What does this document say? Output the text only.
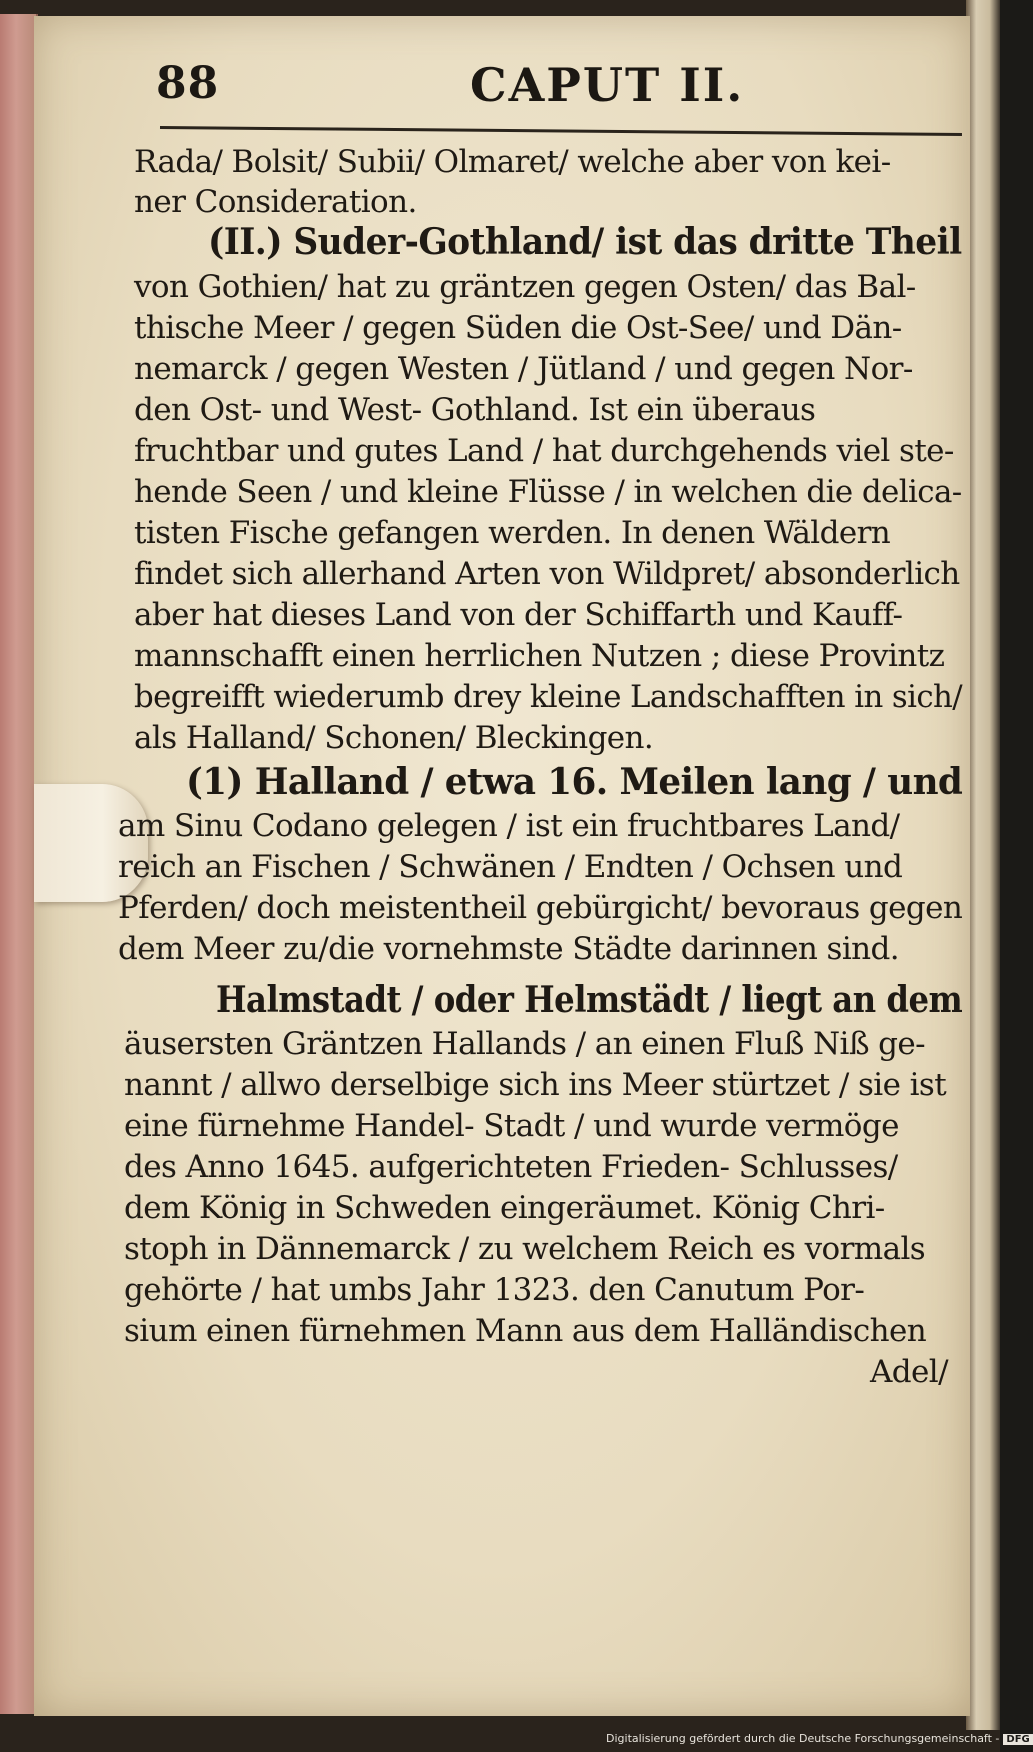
88	CAPUT II.
Rada/ Bolsit/ Subii/ Olmaret/ welche aber von kei-
ner Consideration.
(II.) Suder-Gothland/ ist das dritte Theil
von Gothien/ hat zu gräntzen gegen Osten/ das Bal-
thische Meer / gegen Süden die Ost-See/ und Dän-
nemarck / gegen Westen / Jütland / und gegen Nor-
den Ost- und West- Gothland. Ist ein überaus
fruchtbar und gutes Land / hat durchgehends viel ste-
hende Seen / und kleine Flüsse / in welchen die delica-
tisten Fische gefangen werden. In denen Wäldern
findet sich allerhand Arten von Wildpret/ absonderlich
aber hat dieses Land von der Schiffarth und Kauff-
mannschafft einen herrlichen Nutzen ; diese Provintz
begreifft wiederumb drey kleine Landschafften in sich/
als Halland/ Schonen/ Bleckingen.
(1) Halland / etwa 16. Meilen lang / und
am Sinu Codano gelegen / ist ein fruchtbares Land/
reich an Fischen / Schwänen / Endten / Ochsen und
Pferden/ doch meistentheil gebürgicht/ bevoraus gegen
dem Meer zu/die vornehmste Städte darinnen sind.
Halmstadt / oder Helmstädt / liegt an dem
äusersten Gräntzen Hallands / an einen Fluß Niß ge-
nannt / allwo derselbige sich ins Meer stürtzet / sie ist
eine fürnehme Handel- Stadt / und wurde vermöge
des Anno 1645. aufgerichteten Frieden- Schlusses/
dem König in Schweden eingeräumet. König Chri-
stoph in Dännemarck / zu welchem Reich es vormals
gehörte / hat umbs Jahr 1323. den Canutum Por-
sium einen fürnehmen Mann aus dem Halländischen
Adel/
Digitalisierung gefördert durch die Deutsche Forschungsgemeinschaft - DFG
